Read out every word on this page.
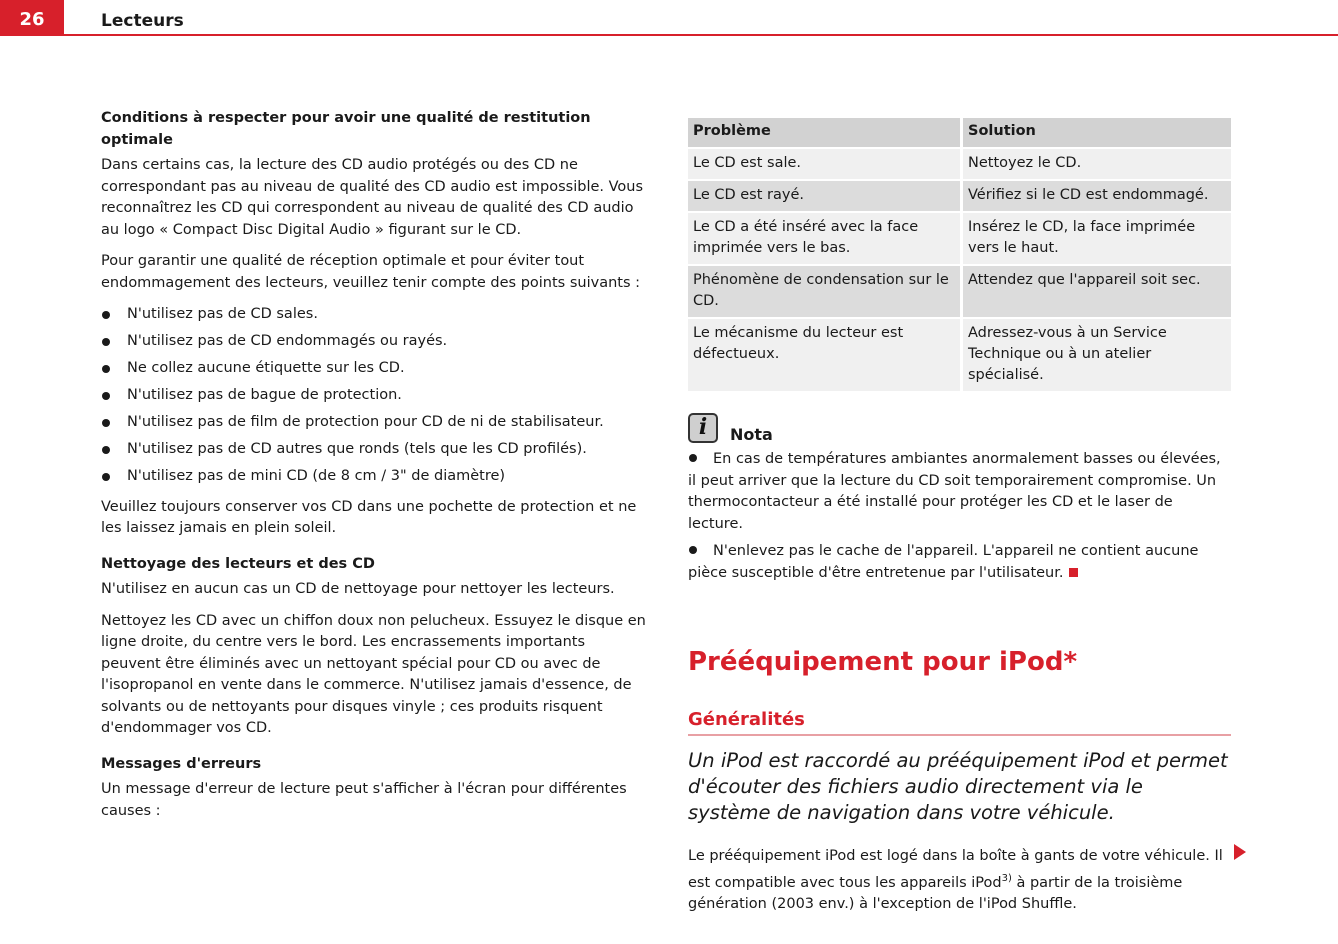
26	Lecteurs
Conditions à respecter pour avoir une qualité de restitution optimale

Dans certains cas, la lecture des CD audio protégés ou des CD ne correspondant pas au niveau de qualité des CD audio est impossible. Vous reconnaîtrez les CD qui correspondent au niveau de qualité des CD audio au logo « Compact Disc Digital Audio » figurant sur le CD.

Pour garantir une qualité de réception optimale et pour éviter tout endommagement des lecteurs, veuillez tenir compte des points suivants :

N'utilisez pas de CD sales.
N'utilisez pas de CD endommagés ou rayés.
Ne collez aucune étiquette sur les CD.
N'utilisez pas de bague de protection.
N'utilisez pas de film de protection pour CD de ni de stabilisateur.
N'utilisez pas de CD autres que ronds (tels que les CD profilés).
N'utilisez pas de mini CD (de 8 cm / 3" de diamètre)

Veuillez toujours conserver vos CD dans une pochette de protection et ne les laissez jamais en plein soleil.

Nettoyage des lecteurs et des CD

N'utilisez en aucun cas un CD de nettoyage pour nettoyer les lecteurs.

Nettoyez les CD avec un chiffon doux non pelucheux. Essuyez le disque en ligne droite, du centre vers le bord. Les encrassements importants peuvent être éliminés avec un nettoyant spécial pour CD ou avec de l'isopropanol en vente dans le commerce. N'utilisez jamais d'essence, de solvants ou de nettoyants pour disques vinyle ; ces produits risquent d'endommager vos CD.

Messages d'erreurs

Un message d'erreur de lecture peut s'afficher à l'écran pour différentes causes :

Problème	Solution
Le CD est sale.	Nettoyez le CD.
Le CD est rayé.	Vérifiez si le CD est endommagé.
Le CD a été inséré avec la face imprimée vers le bas.	Insérez le CD, la face imprimée vers le haut.
Phénomène de condensation sur le CD.	Attendez que l'appareil soit sec.
Le mécanisme du lecteur est défectueux.	Adressez-vous à un Service Technique ou à un atelier spécialisé.
i	Nota

En cas de températures ambiantes anormalement basses ou élevées, il peut arriver que la lecture du CD soit temporairement compromise. Un thermocontacteur a été installé pour protéger les CD et le laser de lecture.

N'enlevez pas le cache de l'appareil. L'appareil ne contient aucune pièce susceptible d'être entretenue par l'utilisateur.

Prééquipement pour iPod*
Généralités
Un iPod est raccordé au prééquipement iPod et permet d'écouter des fichiers audio directement via le système de navigation dans votre véhicule.
Le prééquipement iPod est logé dans la boîte à gants de votre véhicule. Il est compatible avec tous les appareils iPod$^{3)}$ à partir de la troisième génération (2003 env.) à l'exception de l'iPod Shuffle.
